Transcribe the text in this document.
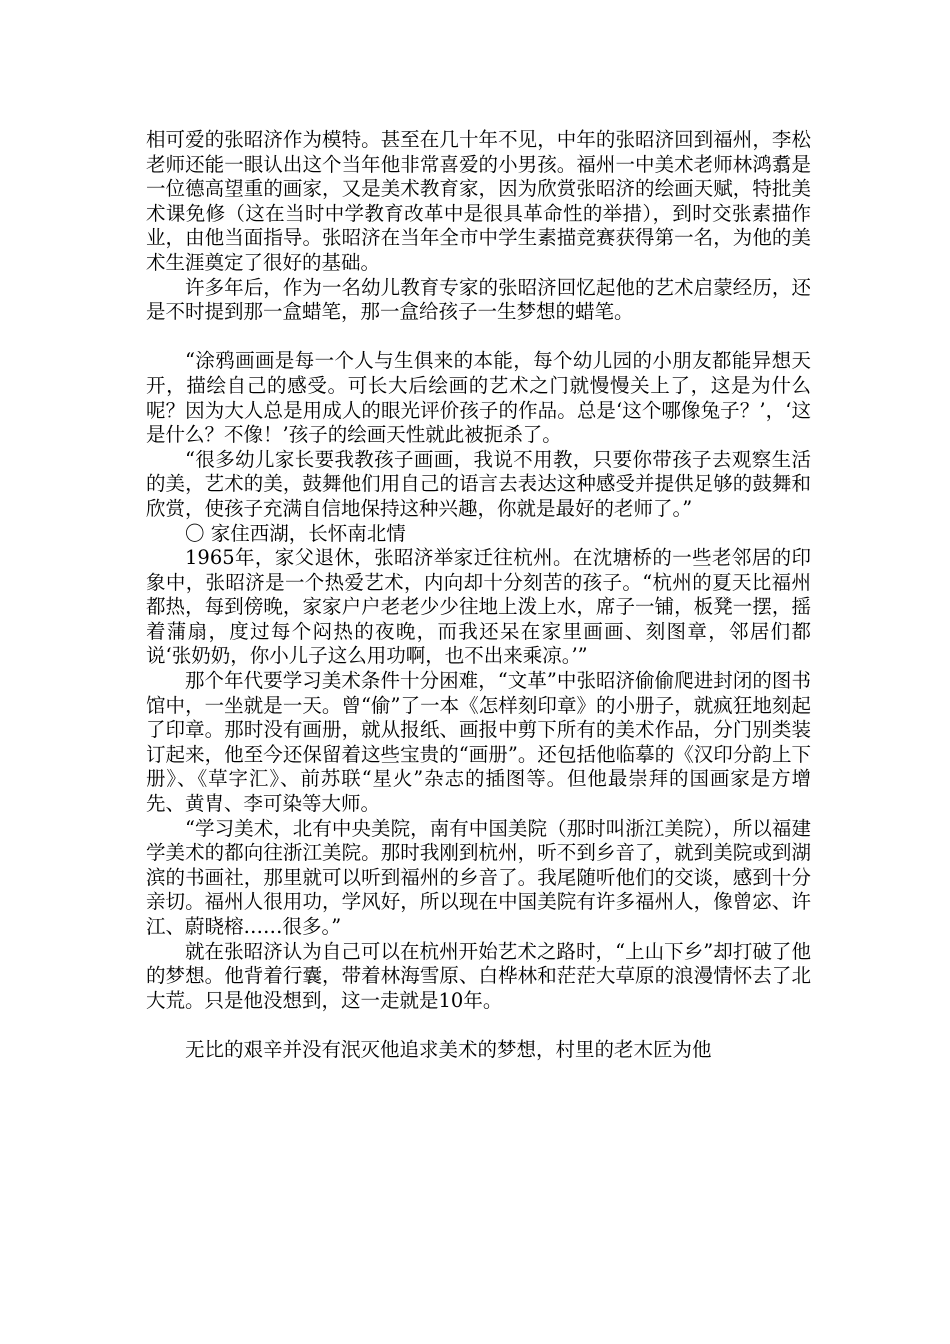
相可爱的张昭济作为模特。甚至在几十年不见，中年的张昭济回到福州，李松老师还能一眼认出这个当年他非常喜爱的小男孩。福州一中美术老师林鸿翥是一位德高望重的画家，又是美术教育家，因为欣赏张昭济的绘画天赋，特批美术课免修（这在当时中学教育改革中是很具革命性的举措），到时交张素描作业，由他当面指导。张昭济在当年全市中学生素描竞赛获得第一名，为他的美术生涯奠定了很好的基础。

许多年后，作为一名幼儿教育专家的张昭济回忆起他的艺术启蒙经历，还是不时提到那一盒蜡笔，那一盒给孩子一生梦想的蜡笔。

“涂鸦画画是每一个人与生俱来的本能，每个幼儿园的小朋友都能异想天开，描绘自己的感受。可长大后绘画的艺术之门就慢慢关上了，这是为什么呢？因为大人总是用成人的眼光评价孩子的作品。总是‘这个哪像兔子？’，‘这是什么？不像！’孩子的绘画天性就此被扼杀了。

“很多幼儿家长要我教孩子画画，我说不用教，只要你带孩子去观察生活的美，艺术的美，鼓舞他们用自己的语言去表达这种感受并提供足够的鼓舞和欣赏，使孩子充满自信地保持这种兴趣，你就是最好的老师了。”

〇 家住西湖，长怀南北情

1965年，家父退休，张昭济举家迁往杭州。在沈塘桥的一些老邻居的印象中，张昭济是一个热爱艺术，内向却十分刻苦的孩子。“杭州的夏天比福州都热，每到傍晚，家家户户老老少少往地上泼上水，席子一铺，板凳一摆，摇着蒲扇，度过每个闷热的夜晚，而我还呆在家里画画、刻图章，邻居们都说‘张奶奶，你小儿子这么用功啊，也不出来乘凉。’”

那个年代要学习美术条件十分困难，“文革”中张昭济偷偷爬进封闭的图书馆中，一坐就是一天。曾“偷”了一本《怎样刻印章》的小册子，就疯狂地刻起了印章。那时没有画册，就从报纸、画报中剪下所有的美术作品，分门别类装订起来，他至今还保留着这些宝贵的“画册”。还包括他临摹的《汉印分韵上下册》、《草字汇》、前苏联“星火”杂志的插图等。但他最崇拜的国画家是方增先、黄胄、李可染等大师。

“学习美术，北有中央美院，南有中国美院（那时叫浙江美院），所以福建学美术的都向往浙江美院。那时我刚到杭州，听不到乡音了，就到美院或到湖滨的书画社，那里就可以听到福州的乡音了。我尾随听他们的交谈，感到十分亲切。福州人很用功，学风好，所以现在中国美院有许多福州人，像曾宓、许江、蔚晓榕……很多。”

就在张昭济认为自己可以在杭州开始艺术之路时，“上山下乡”却打破了他的梦想。他背着行囊，带着林海雪原、白桦林和茫茫大草原的浪漫情怀去了北大荒。只是他没想到，这一走就是10年。

无比的艰辛并没有泯灭他追求美术的梦想，村里的老木匠为他
